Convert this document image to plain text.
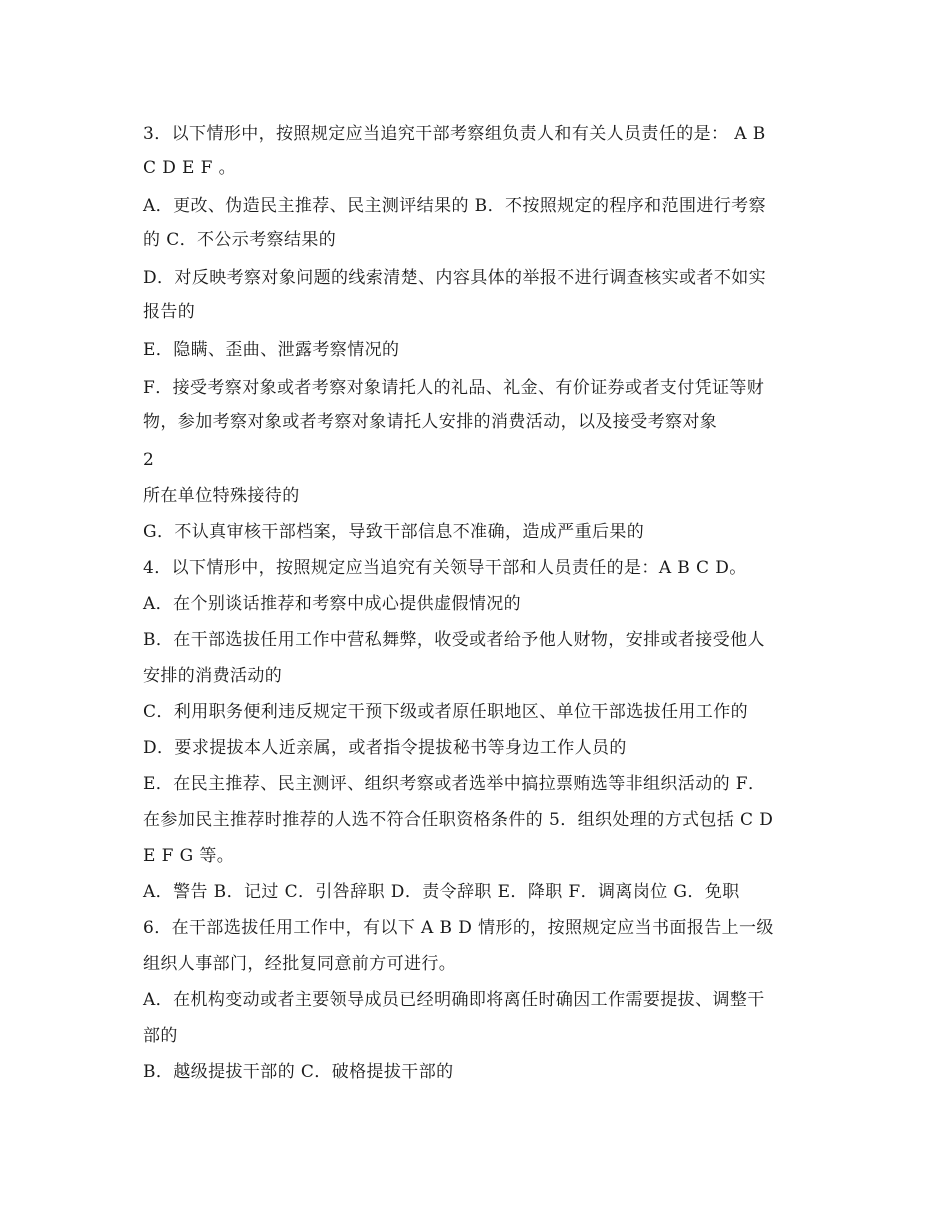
3．以下情形中，按照规定应当追究干部考察组负责人和有关人员责任的是： A B
C D E F 。
A．更改、伪造民主推荐、民主测评结果的 B．不按照规定的程序和范围进行考察
的 C．不公示考察结果的
D．对反映考察对象问题的线索清楚、内容具体的举报不进行调查核实或者不如实
报告的
E．隐瞒、歪曲、泄露考察情况的
F．接受考察对象或者考察对象请托人的礼品、礼金、有价证券或者支付凭证等财
物，参加考察对象或者考察对象请托人安排的消费活动，以及接受考察对象
2
所在单位特殊接待的
G．不认真审核干部档案，导致干部信息不准确，造成严重后果的
4．以下情形中，按照规定应当追究有关领导干部和人员责任的是：A B C D。
A．在个别谈话推荐和考察中成心提供虚假情况的
B．在干部选拔任用工作中营私舞弊，收受或者给予他人财物，安排或者接受他人
安排的消费活动的
C．利用职务便利违反规定干预下级或者原任职地区、单位干部选拔任用工作的
D．要求提拔本人近亲属，或者指令提拔秘书等身边工作人员的
E．在民主推荐、民主测评、组织考察或者选举中搞拉票贿选等非组织活动的 F．
在参加民主推荐时推荐的人选不符合任职资格条件的 5．组织处理的方式包括 C D
E F G 等。
A．警告 B．记过 C．引咎辞职 D．责令辞职 E．降职 F．调离岗位 G．免职
6．在干部选拔任用工作中，有以下 A B D 情形的，按照规定应当书面报告上一级
组织人事部门，经批复同意前方可进行。
A．在机构变动或者主要领导成员已经明确即将离任时确因工作需要提拔、调整干
部的
B．越级提拔干部的 C．破格提拔干部的
